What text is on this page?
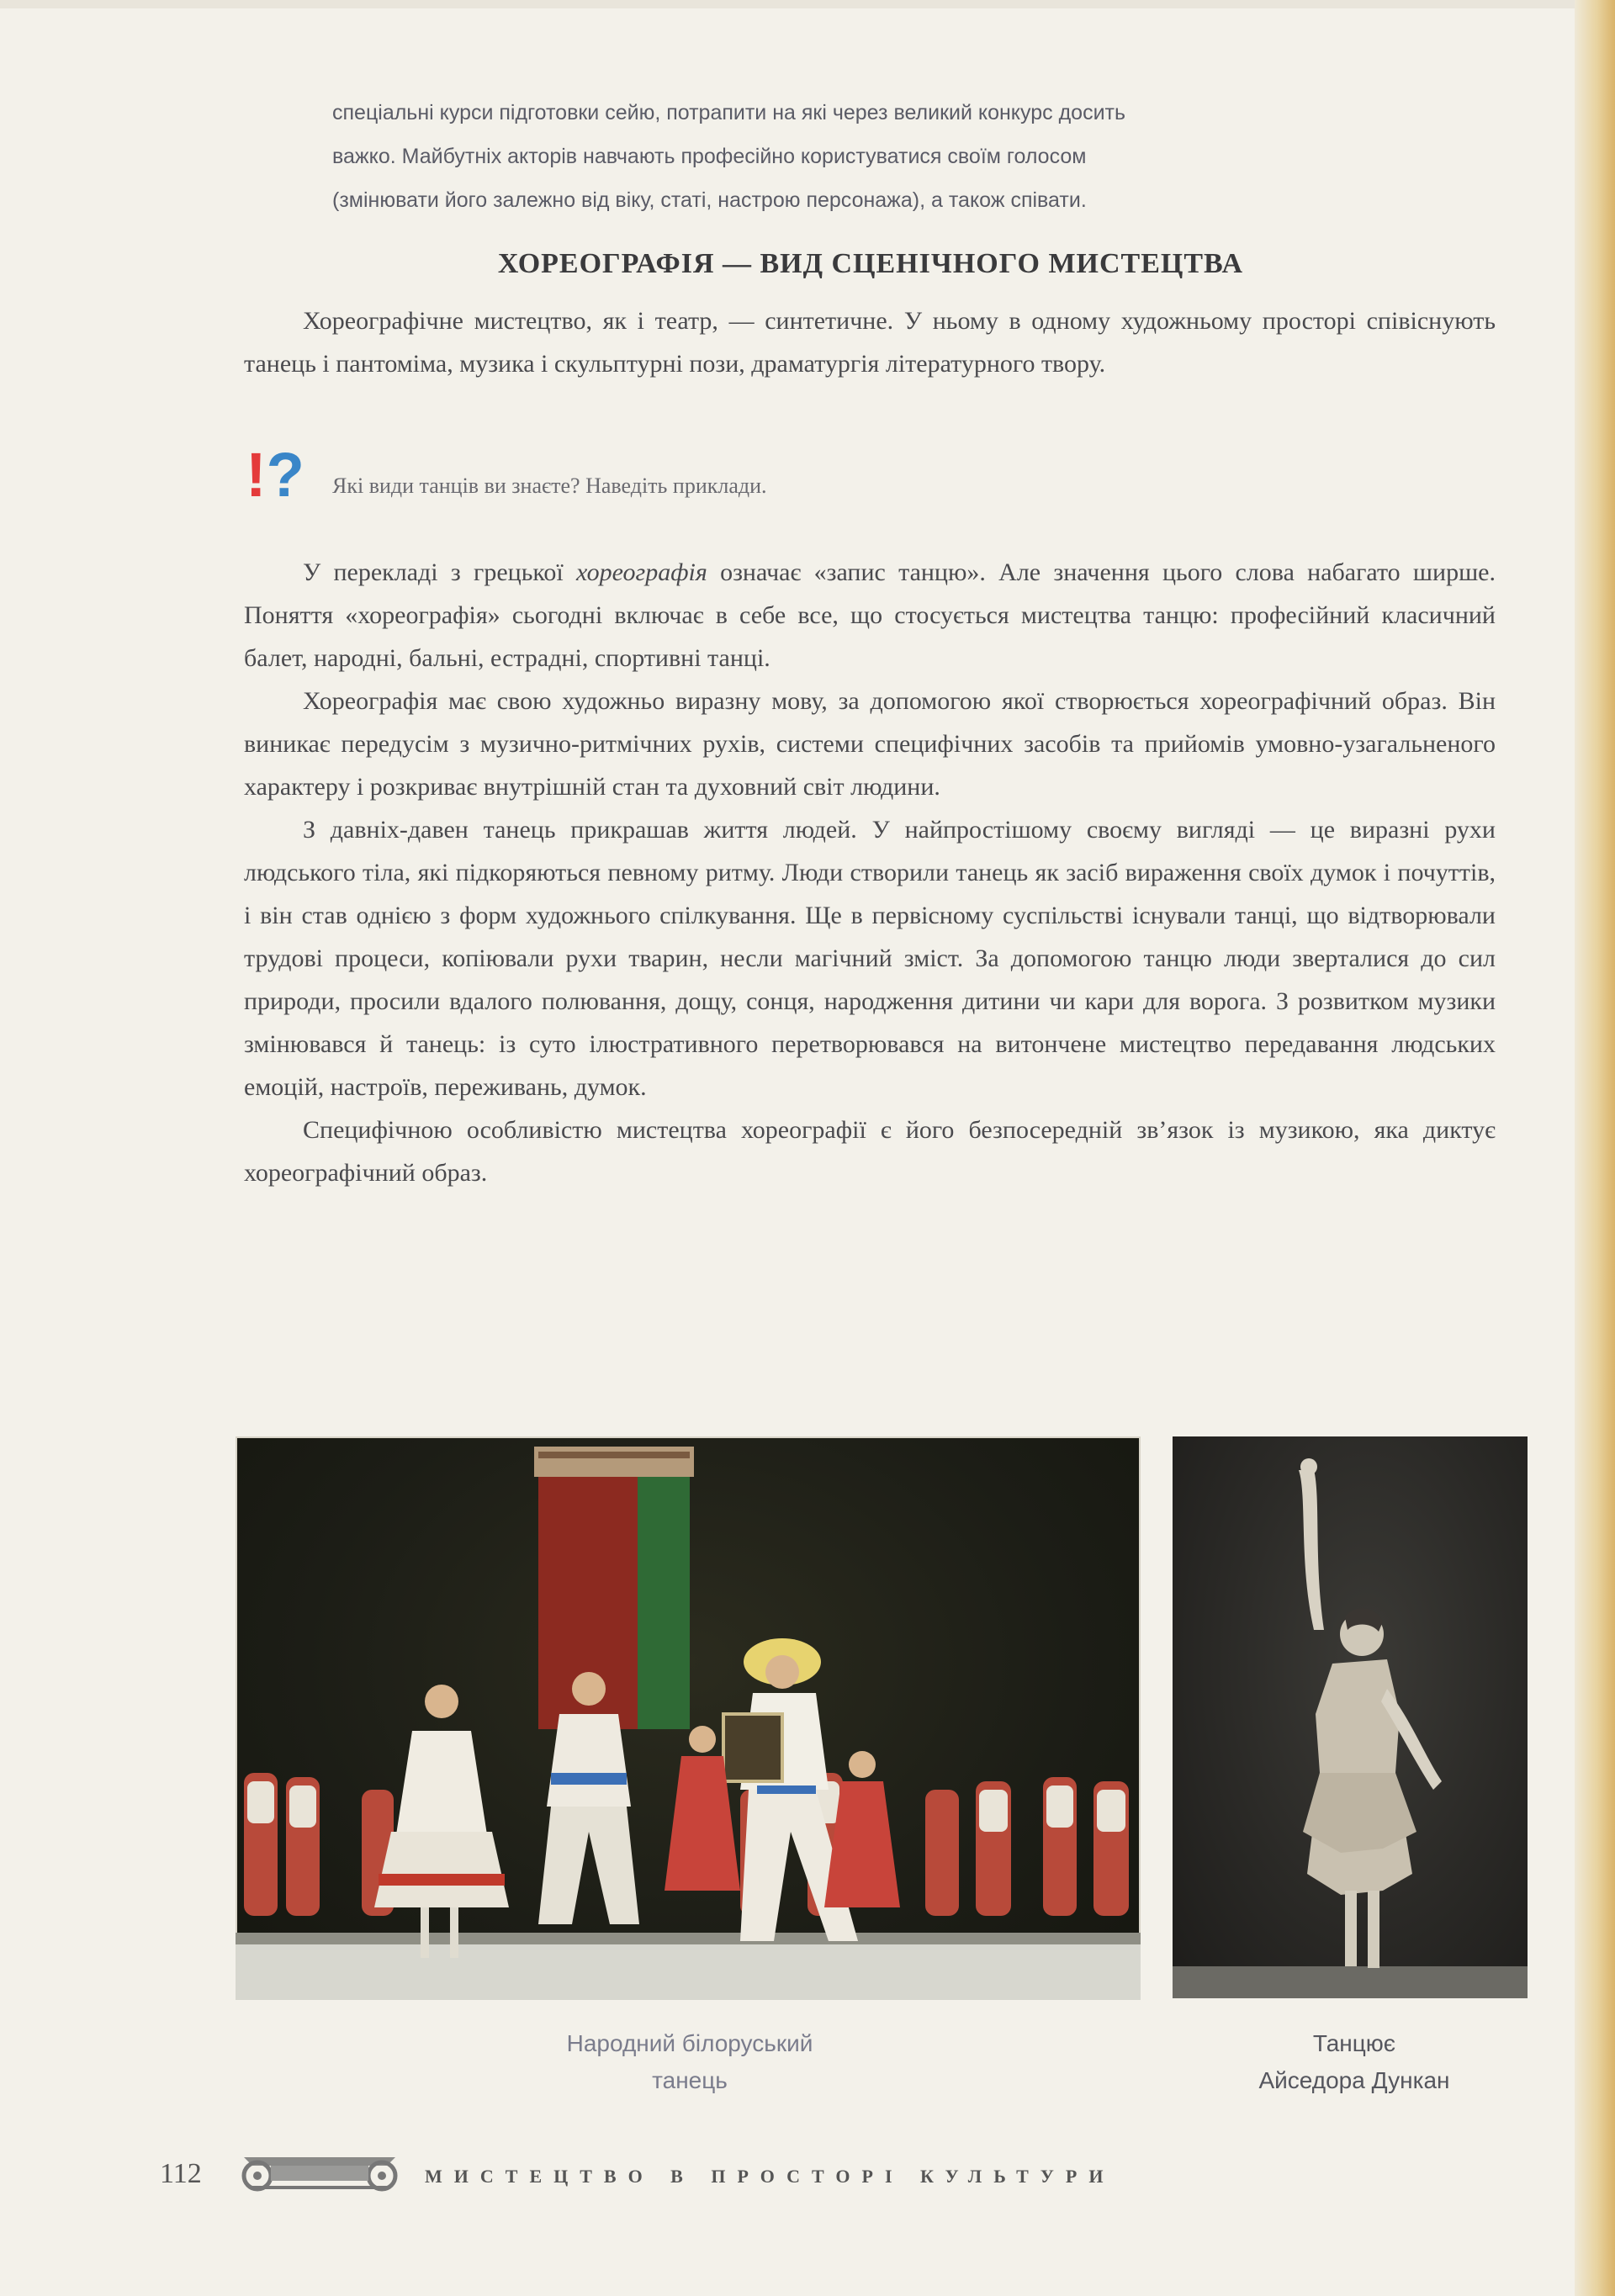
спеціальні курси підготовки сейю, потрапити на які через великий конкурс досить

важко. Майбутніх акторів навчають професійно користуватися своїм голосом

(змінювати його залежно від віку, статі, настрою персонажа), а також співати.

ХОРЕОГРАФІЯ — ВИД СЦЕНІЧНОГО МИСТЕЦТВА

Хореографічне мистецтво, як і театр, — синтетичне. У ньому в одному художньому просторі співіснують танець і пантоміма, музика і скульптурні пози, драматургія літературного твору.

!? Які види танців ви знаєте? Наведіть приклади.

У перекладі з грецької хореографія означає «запис танцю». Але значення цього слова набагато ширше. Поняття «хореографія» сьогодні включає в себе все, що стосується мистецтва танцю: професійний класичний балет, народні, бальні, естрадні, спортивні танці.

Хореографія має свою художньо виразну мову, за допомогою якої створюється хореографічний образ. Він виникає передусім з музично-ритмічних рухів, системи специфічних засобів та прийомів умовно-узагальненого характеру і розкриває внутрішній стан та духовний світ людини.

З давніх-давен танець прикрашав життя людей. У найпростішому своєму вигляді — це виразні рухи людського тіла, які підкоряються певному ритму. Люди створили танець як засіб вираження своїх думок і почуттів, і він став однією з форм художнього спілкування. Ще в первісному суспільстві існували танці, що відтворювали трудові процеси, копіювали рухи тварин, несли магічний зміст. За допомогою танцю люди зверталися до сил природи, просили вдалого полювання, дощу, сонця, народження дитини чи кари для ворога. З розвитком музики змінювався й танець: із суто ілюстративного перетворювався на витончене мистецтво передавання людських емоцій, настроїв, переживань, думок.

Специфічною особливістю мистецтва хореографії є його безпосередній зв’язок із музикою, яка диктує хореографічний образ.

Народний білоруський
танець
Танцює
Айседора Дункан
112	МИСТЕЦТВО В ПРОСТОРІ КУЛЬТУРИ
